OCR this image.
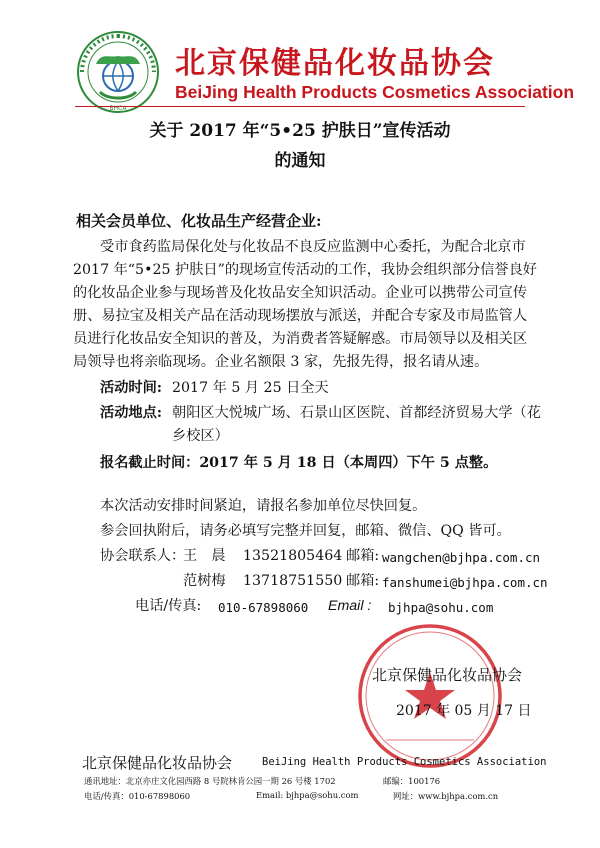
BHCA
北京保健品化妆品协会
BeiJing Health Products Cosmetics Association
关于 2017 年“5•25 护肤日”宣传活动
的通知
相关会员单位、化妆品生产经营企业:
受市食药监局保化处与化妆品不良反应监测中心委托，为配合北京市
2017 年“5•25 护肤日”的现场宣传活动的工作，我协会组织部分信誉良好
的化妆品企业参与现场普及化妆品安全知识活动。企业可以携带公司宣传
册、易拉宝及相关产品在活动现场摆放与派送，并配合专家及市局监管人
员进行化妆品安全知识的普及，为消费者答疑解惑。市局领导以及相关区
局领导也将亲临现场。企业名额限 3 家，先报先得，报名请从速。
活动时间: 2017 年 5 月 25 日全天
活动地点: 朝阳区大悦城广场、石景山区医院、首都经济贸易大学（花
乡校区）
报名截止时间：2017 年 5 月 18 日（本周四）下午 5 点整。
本次活动安排时间紧迫，请报名参加单位尽快回复。
参会回执附后，请务必填写完整并回复，邮箱、微信、QQ 皆可。
协会联系人：
王　晨 13521805464 邮箱: wangchen@bjhpa.com.cn
范树梅 13718751550 邮箱: fanshumei@bjhpa.com.cn
电话/传真: 010-67898060 Email : bjhpa@sohu.com
北京保健品化妆品协会
2017 年 05 月 17 日
北京保健品化妆品协会	BeiJing Health Products Cosmetics Association
通讯地址：北京亦庄文化园西路 8 号院林肯公园一期 26 号楼 1702	邮编：100176
电话/传真：010-67898060	Email: bjhpa@sohu.com	网址：www.bjhpa.com.cn
